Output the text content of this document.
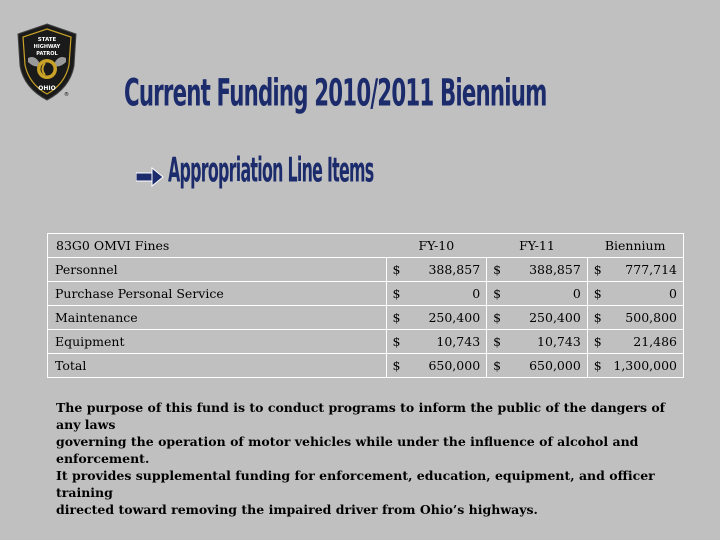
STATE
HIGHWAY
PATROL
OHIO
® Current Funding 2010/2011 Biennium
Appropriation Line Items
83G0 OMVI Fines	FY-10		FY-11		Biennium	
Personnel	$	388,857	$	388,857	$	777,714
Purchase Personal Service	$	0	$	0	$	0
Maintenance	$	250,400	$	250,400	$	500,800
Equipment	$	10,743	$	10,743	$	21,486
Total	$	650,000	$	650,000	$	1,300,000

The purpose of this fund is to conduct programs to inform the public of the dangers of any laws

governing the operation of motor vehicles while under the influence of alcohol and enforcement.

It provides supplemental funding for enforcement, education, equipment, and officer training

directed toward removing the impaired driver from Ohio’s highways.
